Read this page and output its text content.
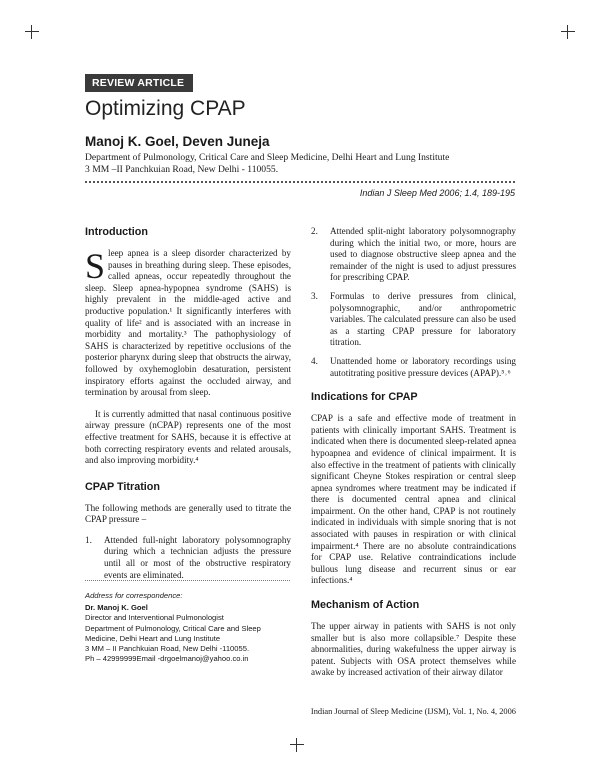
REVIEW ARTICLE
Optimizing CPAP
Manoj K. Goel, Deven Juneja
Department of Pulmonology, Critical Care and Sleep Medicine, Delhi Heart and Lung Institute
3 MM –II Panchkuian Road, New Delhi - 110055.
Indian J Sleep Med 2006; 1.4, 189-195
Introduction

Sleep apnea is a sleep disorder characterized by pauses in breathing during sleep. These episodes, called apneas, occur repeatedly throughout the sleep. Sleep apnea-hypopnea syndrome (SAHS) is highly prevalent in the middle-aged active and productive population.¹ It significantly interferes with quality of life² and is associated with an increase in morbidity and mortality.³ The pathophysiology of SAHS is characterized by repetitive occlusions of the posterior pharynx during sleep that obstructs the airway, followed by oxyhemoglobin desaturation, persistent inspiratory efforts against the occluded airway, and termination by arousal from sleep.

It is currently admitted that nasal continuous positive airway pressure (nCPAP) represents one of the most effective treatment for SAHS, because it is effective at both correcting respiratory events and related arousals, and also improving morbidity.⁴

CPAP Titration

The following methods are generally used to titrate the CPAP pressure –

1. Attended full-night laboratory polysomnography during which a technician adjusts the pressure until all or most of the obstructive respiratory events are eliminated.
Address for correspondence:
Dr. Manoj K. Goel
Director and Interventional Pulmonologist
Department of Pulmonology, Critical Care and Sleep Medicine, Delhi Heart and Lung Institute
3 MM – II Panchkuian Road, New Delhi -110055.
Ph – 42999999Email -drgoelmanoj@yahoo.co.in
2. Attended split-night laboratory polysomnography during which the initial two, or more, hours are used to diagnose obstructive sleep apnea and the remainder of the night is used to adjust pressures for prescribing CPAP.
3. Formulas to derive pressures from clinical, polysomnographic, and/or anthropometric variables. The calculated pressure can also be used as a starting CPAP pressure for laboratory titration.
4. Unattended home or laboratory recordings using autotitrating positive pressure devices (APAP).⁵˒⁶
Indications for CPAP

CPAP is a safe and effective mode of treatment in patients with clinically important SAHS. Treatment is indicated when there is documented sleep-related apnea hypoapnea and evidence of clinical impairment. It is also effective in the treatment of patients with clinically significant Cheyne Stokes respiration or central sleep apnea syndromes where treatment may be indicated if there is documented central apnea and clinical impairment. On the other hand, CPAP is not routinely indicated in individuals with simple snoring that is not associated with pauses in respiration or with clinical impairment.⁴ There are no absolute contraindications for CPAP use. Relative contraindications include bullous lung disease and recurrent sinus or ear infections.⁴

Mechanism of Action

The upper airway in patients with SAHS is not only smaller but is also more collapsible.⁷ Despite these abnormalities, during wakefulness the upper airway is patent. Subjects with OSA protect themselves while awake by increased activation of their airway dilator

Indian Journal of Sleep Medicine (IJSM), Vol. 1, No. 4, 2006
